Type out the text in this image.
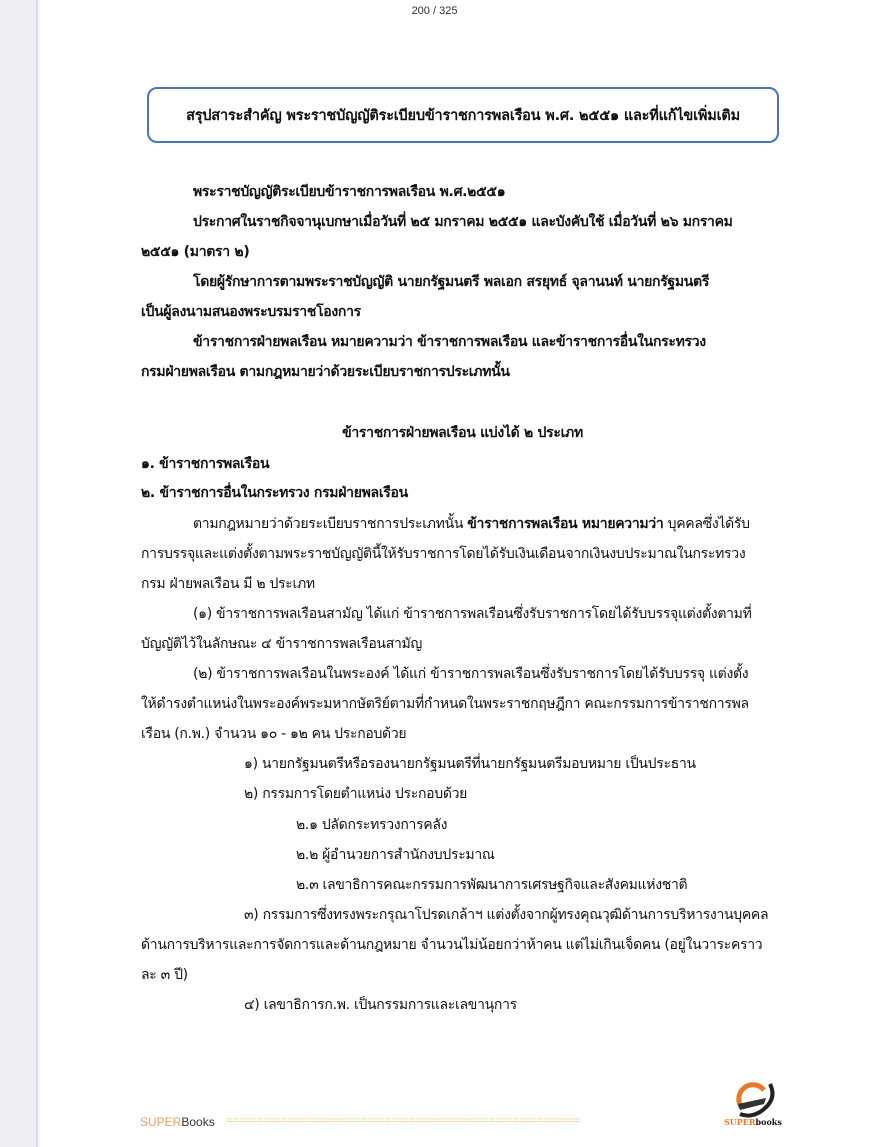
200 / 325
สรุปสาระสำคัญ พระราชบัญญัติระเบียบข้าราชการพลเรือน พ.ศ. ๒๕๕๑ และที่แก้ไขเพิ่มเติม
พระราชบัญญัติระเบียบข้าราชการพลเรือน พ.ศ.๒๕๕๑
ประกาศในราชกิจจานุเบกษาเมื่อวันที่ ๒๕ มกราคม ๒๕๕๑ และบังคับใช้ เมื่อวันที่ ๒๖ มกราคม
๒๕๕๑ (มาตรา ๒)
โดยผู้รักษาการตามพระราชบัญญัติ นายกรัฐมนตรี พลเอก สรยุทธ์ จุลานนท์ นายกรัฐมนตรี
เป็นผู้ลงนามสนองพระบรมราชโองการ
ข้าราชการฝ่ายพลเรือน หมายความว่า ข้าราชการพลเรือน และข้าราชการอื่นในกระทรวง
กรมฝ่ายพลเรือน ตามกฎหมายว่าด้วยระเบียบราชการประเภทนั้น
ข้าราชการฝ่ายพลเรือน แบ่งได้ ๒ ประเภท
๑. ข้าราชการพลเรือน
๒. ข้าราชการอื่นในกระทรวง กรมฝ่ายพลเรือน
ตามกฎหมายว่าด้วยระเบียบราชการประเภทนั้น ข้าราชการพลเรือน หมายความว่า บุคคลซึ่งได้รับ
การบรรจุและแต่งตั้งตามพระราชบัญญัตินี้ให้รับราชการโดยได้รับเงินเดือนจากเงินงบประมาณในกระทรวง
กรม ฝ่ายพลเรือน มี ๒ ประเภท
(๑) ข้าราชการพลเรือนสามัญ ได้แก่ ข้าราชการพลเรือนซึ่งรับราชการโดยได้รับบรรจุแต่งตั้งตามที่
บัญญัติไว้ในลักษณะ ๔ ข้าราชการพลเรือนสามัญ
(๒) ข้าราชการพลเรือนในพระองค์ ได้แก่ ข้าราชการพลเรือนซึ่งรับราชการโดยได้รับบรรจุ แต่งตั้ง
ให้ดำรงตำแหน่งในพระองค์พระมหากษัตริย์ตามที่กำหนดในพระราชกฤษฎีกา คณะกรรมการข้าราชการพล
เรือน (ก.พ.) จำนวน ๑๐ - ๑๒ คน ประกอบด้วย
๑) นายกรัฐมนตรีหรือรองนายกรัฐมนตรีที่นายกรัฐมนตรีมอบหมาย เป็นประธาน
๒) กรรมการโดยตำแหน่ง ประกอบด้วย
๒.๑ ปลัดกระทรวงการคลัง
๒.๒ ผู้อำนวยการสำนักงบประมาณ
๒.๓ เลขาธิการคณะกรรมการพัฒนาการเศรษฐกิจและสังคมแห่งชาติ
๓) กรรมการซึ่งทรงพระกรุณาโปรดเกล้าฯ แต่งตั้งจากผู้ทรงคุณวุฒิด้านการบริหารงานบุคคล
ด้านการบริหารและการจัดการและด้านกฎหมาย จำนวนไม่น้อยกว่าห้าคน แต่ไม่เกินเจ็ดคน (อยู่ในวาระคราว
ละ ๓ ปี)
๔) เลขาธิการก.พ. เป็นกรรมการและเลขานุการ
SUPERBooks ==========================================================	SUPERbooks
